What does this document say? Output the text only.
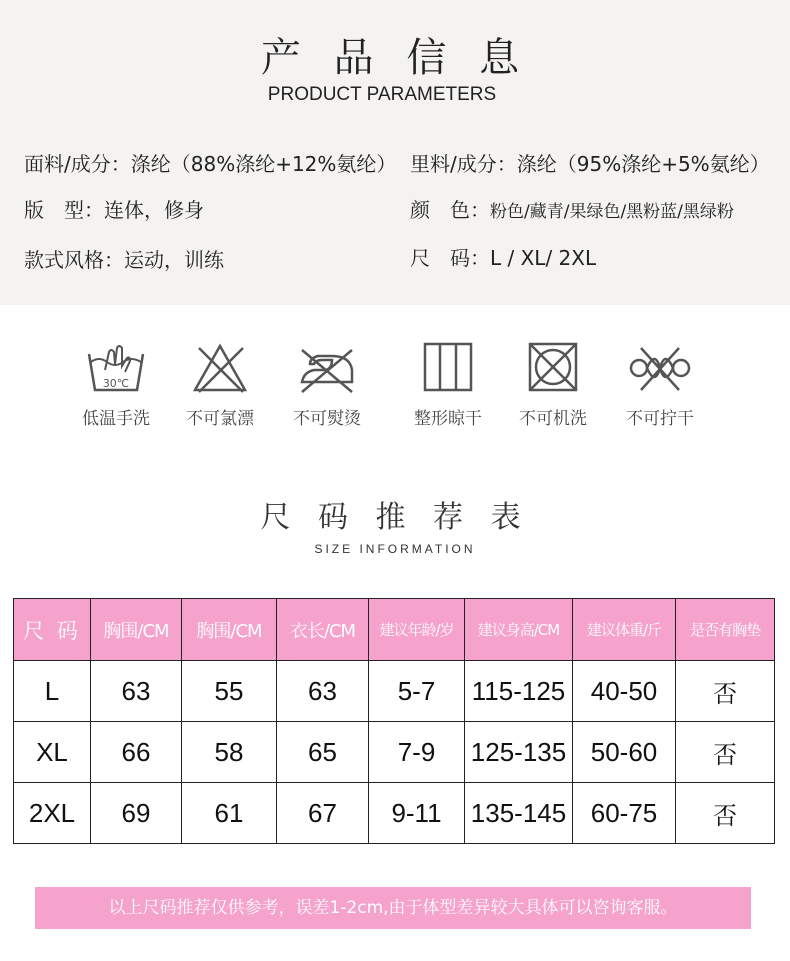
产 品 信 息
PRODUCT PARAMETERS
面料/成分：涤纶（88%涤纶+12%氨纶） 里料/成分：涤纶（95%涤纶+5%氨纶）
版　型：连体，修身	颜　色：粉色/藏青/果绿色/黑粉蓝/黑绿粉
款式风格：运动，训练	尺　码：L / XL/ 2XL
30℃
低温手洗	不可氯漂	不可熨烫	整形晾干	不可机洗	不可拧干
尺 码 推 荐 表
SIZE INFORMATION
尺 码	胸围/CM	胸围/CM	衣长/CM	建议年龄/岁	建议身高/CM	建议体重/斤	是否有胸垫
L	63	55	63	5-7	115-125	40-50	否
XL	66	58	65	7-9	125-135	50-60	否
2XL	69	61	67	9-11	135-145	60-75	否
以上尺码推荐仅供参考，误差1-2cm,由于体型差异较大具体可以咨询客服。
